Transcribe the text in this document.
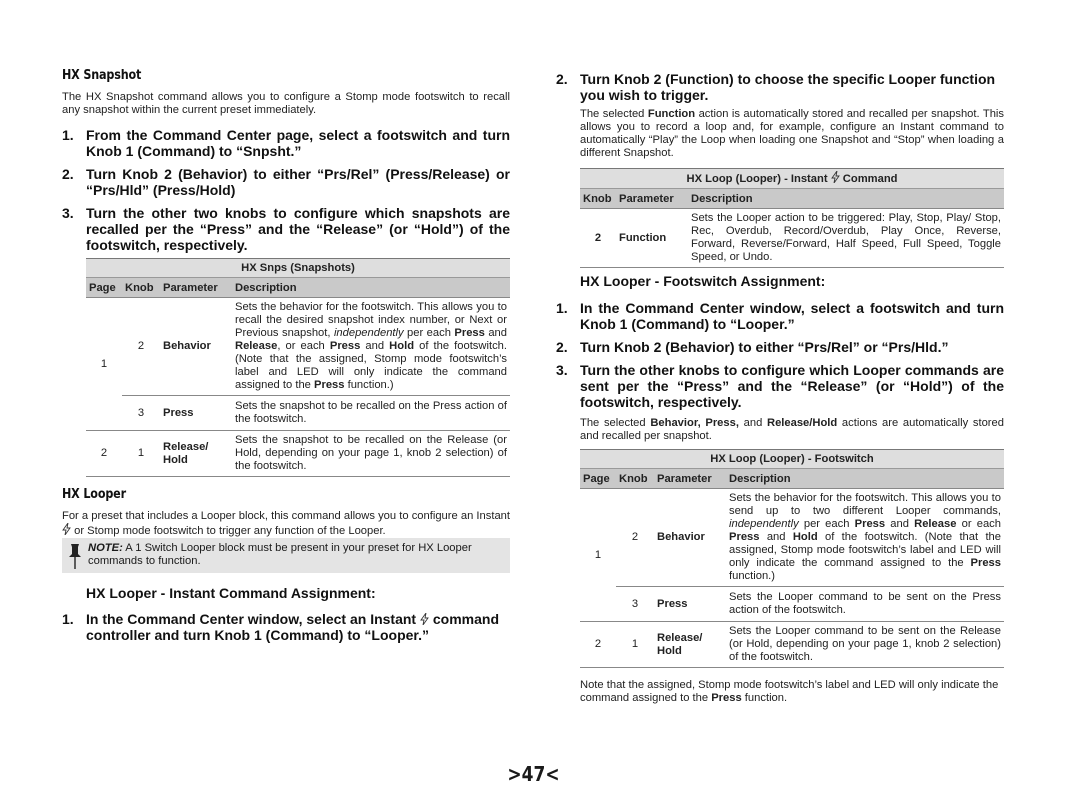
HX Snapshot
The HX Snapshot command allows you to configure a Stomp mode footswitch to recall any snapshot within the current preset immediately.
1. From the Command Center page, select a footswitch and turn Knob 1 (Command) to “Snpsht.”
2. Turn Knob 2 (Behavior) to either “Prs/Rel” (Press/Release) or “Prs/Hld” (Press/Hold)
3. Turn the other two knobs to configure which snapshots are recalled per the “Press” and the “Release” (or “Hold”) of the footswitch, respectively.
HX Snps (Snapshots)			
Page	Knob	Parameter	Description
1	2	Behavior	Sets the behavior for the footswitch. This allows you to recall the desired snapshot index number, or Next or Previous snapshot, independently per each Press and Release, or each Press and Hold of the footswitch. (Note that the assigned, Stomp mode footswitch’s label and LED will only indicate the command assigned to the Press function.)
	3	Press	Sets the snapshot to be recalled on the Press action of the footswitch.
2	1	Release/ Hold	Sets the snapshot to be recalled on the Release (or Hold, depending on your page 1, knob 2 selection) of the footswitch.
HX Looper
For a preset that includes a Looper block, this command allows you to configure an Instant  or Stomp mode footswitch to trigger any function of the Looper.
NOTE: A 1 Switch Looper block must be present in your preset for HX Looper commands to function.
HX Looper - Instant Command Assignment:
1. In the Command Center window, select an Instant command controller and turn Knob 1 (Command) to “Looper.”
2. Turn Knob 2 (Function) to choose the specific Looper function you wish to trigger.
The selected Function action is automatically stored and recalled per snapshot. This allows you to record a loop and, for example, configure an Instant command to automatically “Play” the Loop when loading one Snapshot and “Stop” when loading a different Snapshot.
HX Loop (Looper) - Instant Command		
Knob	Parameter	Description
2	Function	Sets the Looper action to be triggered: Play, Stop, Play/ Stop, Rec, Overdub, Record/Overdub, Play Once, Reverse, Forward, Reverse/Forward, Half Speed, Full Speed, Toggle Speed, or Undo.
HX Looper - Footswitch Assignment:
1. In the Command Center window, select a footswitch and turn Knob 1 (Command) to “Looper.”
2. Turn Knob 2 (Behavior) to either “Prs/Rel” or “Prs/Hld.”
3. Turn the other knobs to configure which Looper commands are sent per the “Press” and the “Release” (or “Hold”) of the footswitch, respectively.
The selected Behavior, Press, and Release/Hold actions are automatically stored and recalled per snapshot.
HX Loop (Looper) - Footswitch			
Page	Knob	Parameter	Description
1	2	Behavior	Sets the behavior for the footswitch. This allows you to send up to two different Looper commands, independently per each Press and Release or each Press and Hold of the footswitch. (Note that the assigned, Stomp mode footswitch’s label and LED will only indicate the command assigned to the Press function.)
	3	Press	Sets the Looper command to be sent on the Press action of the footswitch.
2	1	Release/ Hold	Sets the Looper command to be sent on the Release (or Hold, depending on your page 1, knob 2 selection) of the footswitch.
Note that the assigned, Stomp mode footswitch’s label and LED will only indicate the command assigned to the Press function.
>47<
